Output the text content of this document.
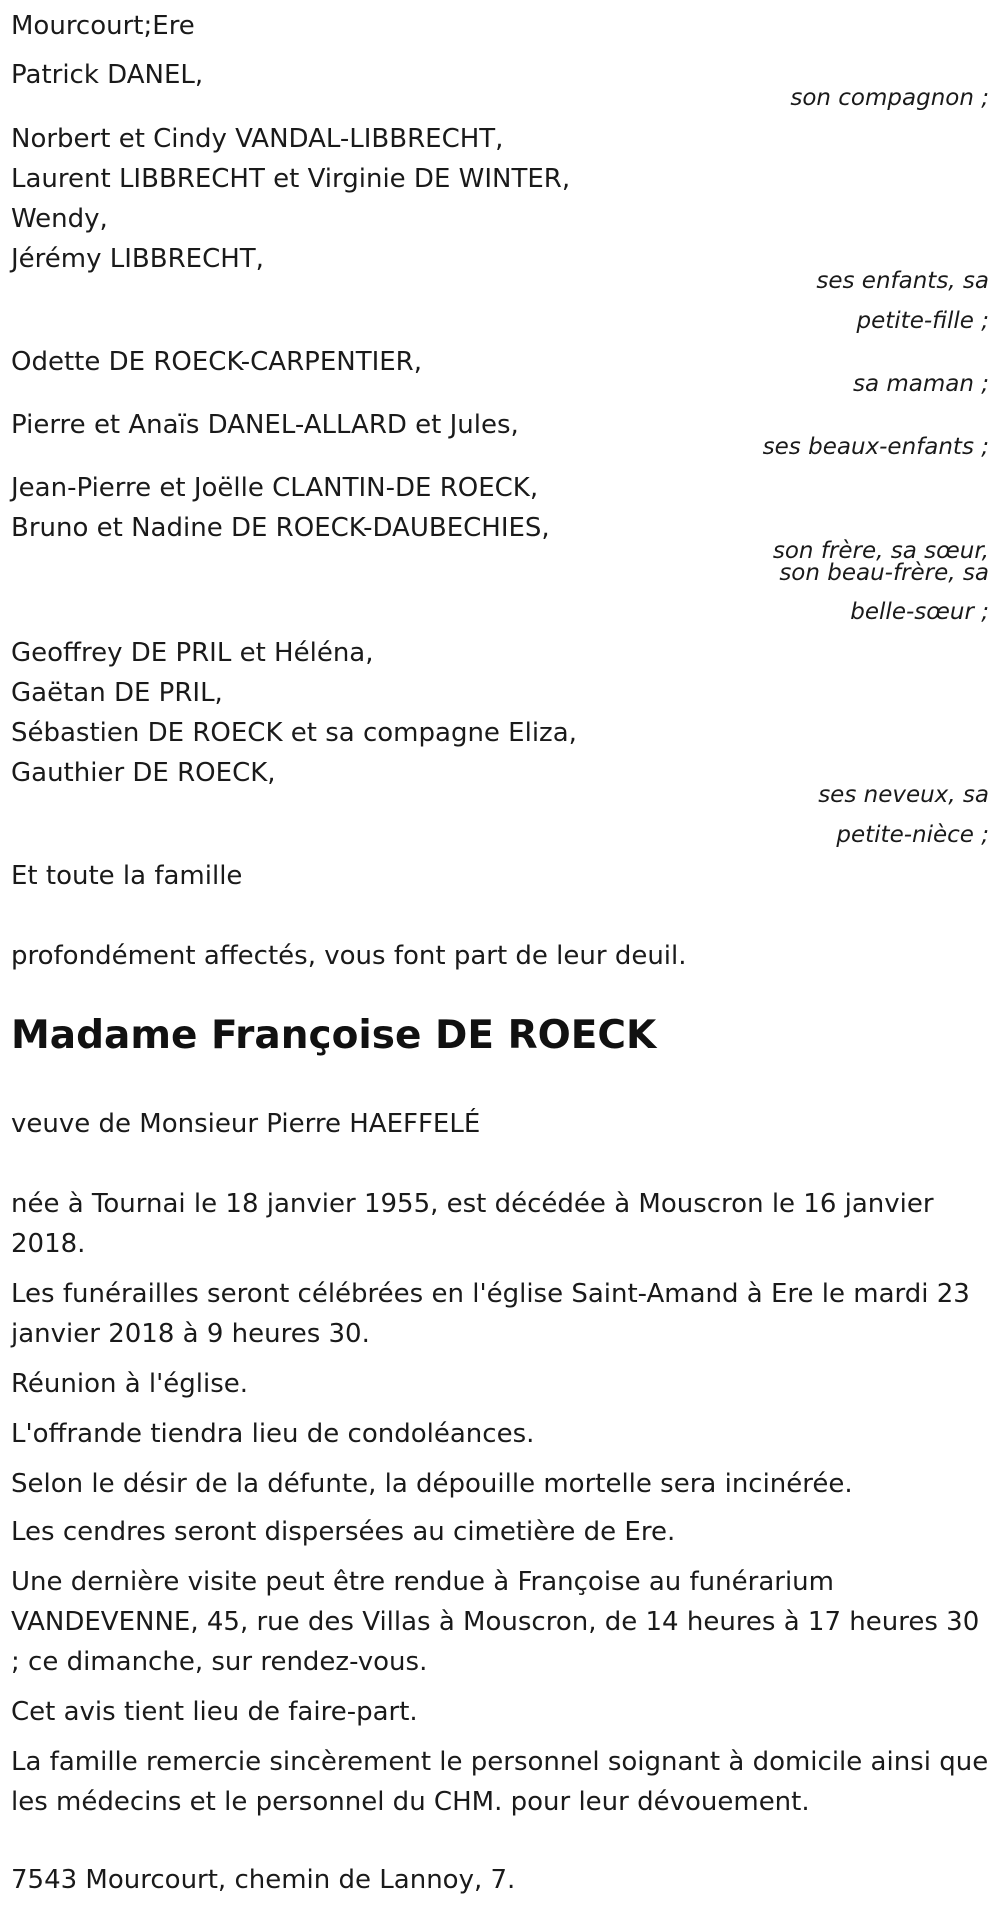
Mourcourt;Ere
Patrick DANEL,
son compagnon ;
Norbert et Cindy VANDAL-LIBBRECHT,
Laurent LIBBRECHT et Virginie DE WINTER,
Wendy,
Jérémy LIBBRECHT,
ses enfants, sa
petite-fille ;
Odette DE ROECK-CARPENTIER,
sa maman ;
Pierre et Anaïs DANEL-ALLARD et Jules,
ses beaux-enfants ;
Jean-Pierre et Joëlle CLANTIN-DE ROECK,
Bruno et Nadine DE ROECK-DAUBECHIES,
son frère, sa sœur,
son beau-frère, sa
belle-sœur ;
Geoffrey DE PRIL et Héléna,
Gaëtan DE PRIL,
Sébastien DE ROECK et sa compagne Eliza,
Gauthier DE ROECK,
ses neveux, sa
petite-nièce ;
Et toute la famille
profondément affectés, vous font part de leur deuil.
Madame Françoise DE ROECK
veuve de Monsieur Pierre HAEFFELÉ
née à Tournai le 18 janvier 1955, est décédée à Mouscron le 16 janvier 2018.
Les funérailles seront célébrées en l'église Saint-Amand à Ere le mardi 23 janvier 2018 à 9 heures 30.
Réunion à l'église.
L'offrande tiendra lieu de condoléances.
Selon le désir de la défunte, la dépouille mortelle sera incinérée.
Les cendres seront dispersées au cimetière de Ere.
Une dernière visite peut être rendue à Françoise au funérarium VANDEVENNE, 45, rue des Villas à Mouscron, de 14 heures à 17 heures 30 ; ce dimanche, sur rendez-vous.
Cet avis tient lieu de faire-part.
La famille remercie sincèrement le personnel soignant à domicile ainsi que les médecins et le personnel du CHM. pour leur dévouement.
7543 Mourcourt, chemin de Lannoy, 7.
